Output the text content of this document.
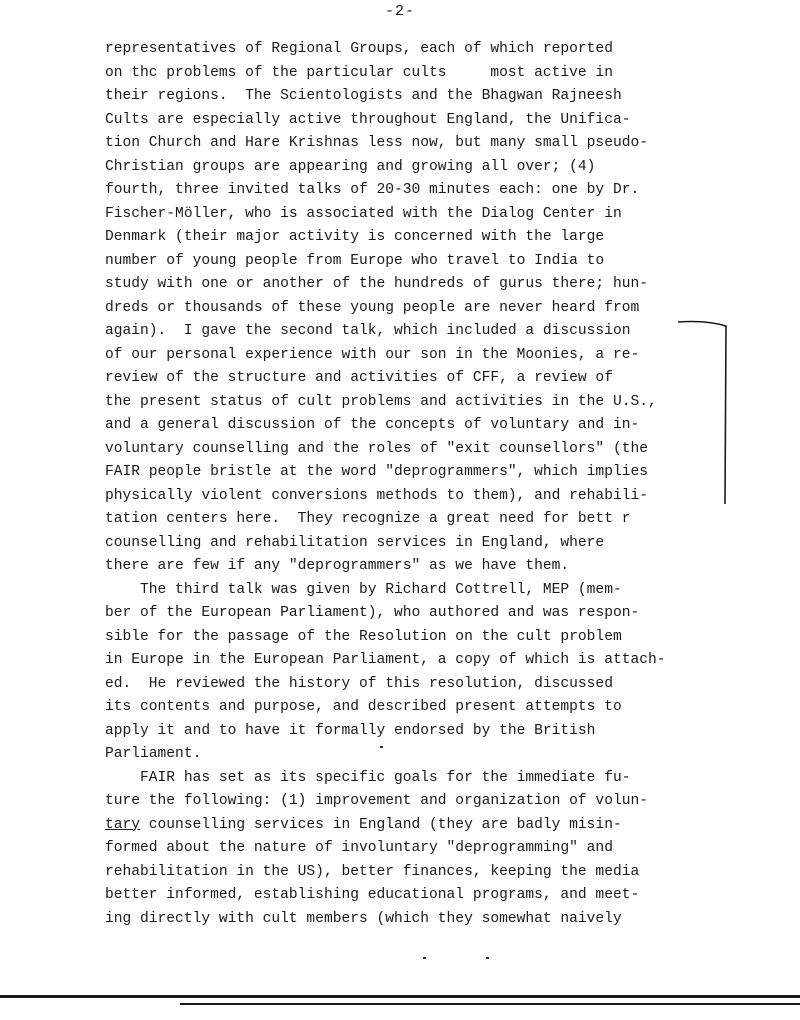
-2-
representatives of Regional Groups, each of which reported
on thc problems of the particular cults     most active in
their regions.  The Scientologists and the Bhagwan Rajneesh
Cults are especially active throughout England, the Unifica-
tion Church and Hare Krishnas less now, but many small pseudo-
Christian groups are appearing and growing all over; (4)
fourth, three invited talks of 20-30 minutes each: one by Dr.
Fischer-Möller, who is associated with the Dialog Center in
Denmark (their major activity is concerned with the large
number of young people from Europe who travel to India to
study with one or another of the hundreds of gurus there; hun-
dreds or thousands of these young people are never heard from
again).  I gave the second talk, which included a discussion
of our personal experience with our son in the Moonies, a re-
review of the structure and activities of CFF, a review of
the present status of cult problems and activities in the U.S.,
and a general discussion of the concepts of voluntary and in-
voluntary counselling and the roles of "exit counsellors" (the
FAIR people bristle at the word "deprogrammers", which implies
physically violent conversions methods to them), and rehabili-
tation centers here.  They recognize a great need for bett r
counselling and rehabilitation services in England, where
there are few if any "deprogrammers" as we have them.
The third talk was given by Richard Cottrell, MEP (mem-
ber of the European Parliament), who authored and was respon-
sible for the passage of the Resolution on the cult problem
in Europe in the European Parliament, a copy of which is attach-
ed.  He reviewed the history of this resolution, discussed
its contents and purpose, and described present attempts to
apply it and to have it formally endorsed by the British
Parliament.
FAIR has set as its specific goals for the immediate fu-
ture the following: (1) improvement and organization of volun-
tary counselling services in England (they are badly misin-
formed about the nature of involuntary "deprogramming" and
rehabilitation in the US), better finances, keeping the media
better informed, establishing educational programs, and meet-
ing directly with cult members (which they somewhat naively
